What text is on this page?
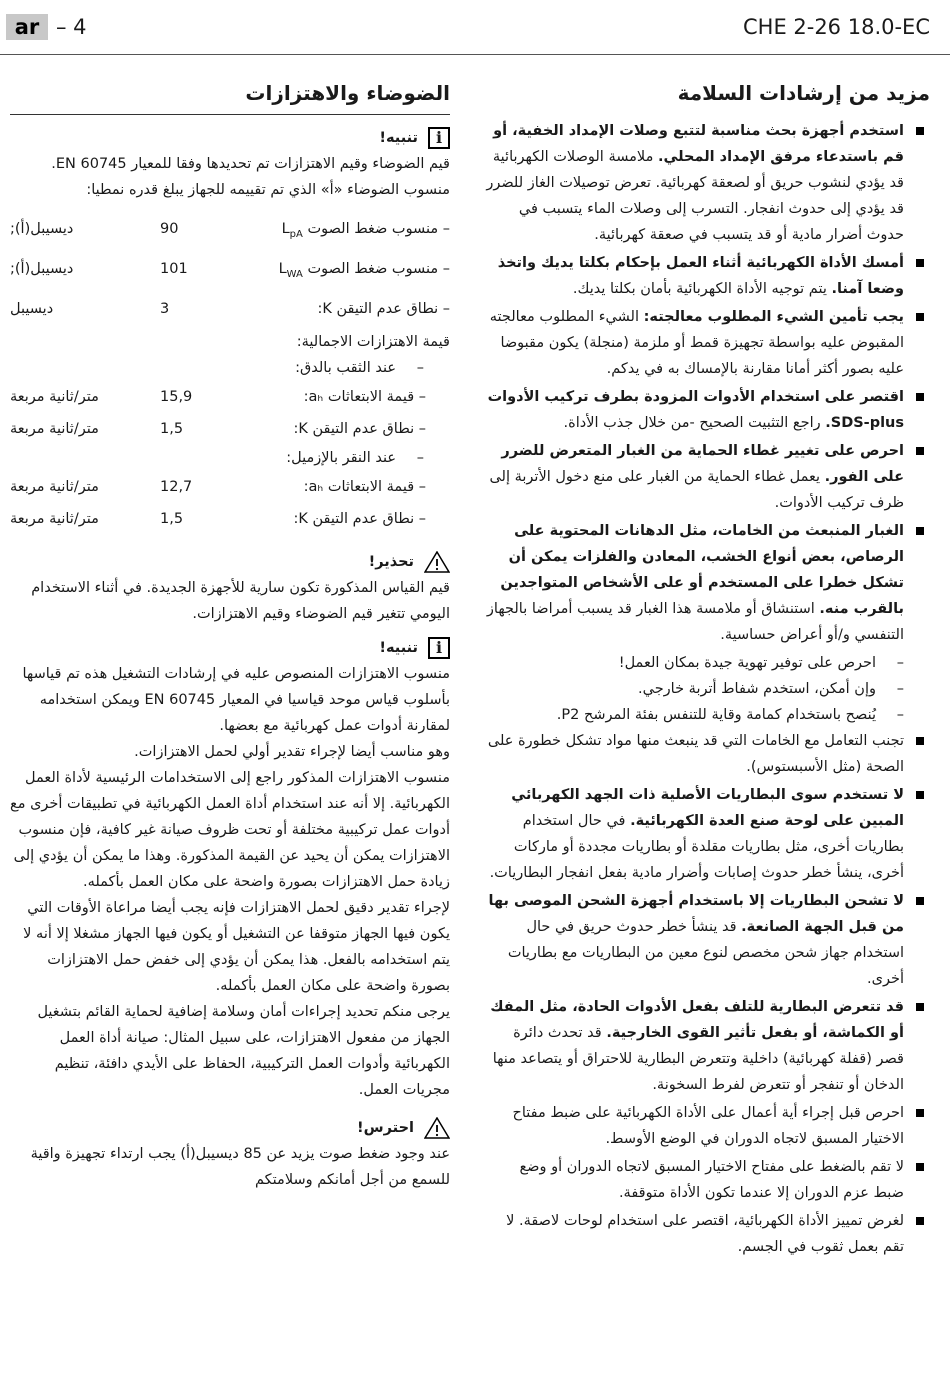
ar – 4	CHE 2-26 18.0-EC
مزيد من إرشادات السلامة
استخدم أجهزة بحث مناسبة لتتبع وصلات الإمداد الخفية، أو قم باستدعاء مرفق الإمداد المحلي. ملامسة الوصلات الكهربائية قد يؤدي لنشوب حريق أو لصعقة كهربائية. تعرض توصيلات الغاز للضرر قد يؤدي إلى حدوث انفجار. التسرب إلى وصلات الماء يتسبب في حدوث أضرار مادية أو قد يتسبب في صعقة كهربائية.
أمسك الأداة الكهربائية أثناء العمل بإحكام بكلتا يديك واتخذ وضعا آمنا. يتم توجيه الأداة الكهربائية بأمان بكلتا يديك.
يجب تأمين الشيء المطلوب معالجته: الشيء المطلوب معالجته المقبوض عليه بواسطة تجهيزة قمط أو ملزمة (منجلة) يكون مقبوضا عليه بصور أكثر أمانا مقارنة بالإمساك به في يدكم.
اقتصر على استخدام الأدوات المزودة بطرف تركيب الأدوات SDS-plus. راجع التثبيت الصحيح -من خلال جذب الأداة.
احرص على تغيير غطاء الحماية من الغبار المتعرض للضرر على الفور. يعمل غطاء الحماية من الغبار على منع دخول الأتربة إلى ظرف تركيب الأدوات.
الغبار المنبعث من الخامات، مثل الدهانات المحتوية على الرصاص، بعض أنواع الخشب، المعادن والفلزات يمكن أن تشكل خطرا على المستخدم أو على الأشخاص المتواجدين بالقرب منه. استنشاق أو ملامسة هذا الغبار قد يسبب أمراضا بالجهاز التنفسي و/أو أعراض حساسية.
–
احرص على توفير تهوية جيدة بمكان العمل!
–
وإن أمكن، استخدم شفاط أتربة خارجي.
–
يُنصح باستخدام كمامة وقاية للتنفس بفئة المرشح P2.
تجنب التعامل مع الخامات التي قد ينبعث منها مواد تشكل خطورة على الصحة (مثل الأسبستوس).
لا تستخدم سوى البطاريات الأصلية ذات الجهد الكهربائي المبين على لوحة صنع العدة الكهربائية. في حال استخدام بطاريات أخرى، مثل بطاريات مقلدة أو بطاريات مجددة أو ماركات أخرى، ينشأ خطر حدوث إصابات وأضرار مادية بفعل انفجار البطاريات.
لا تشحن البطاريات إلا باستخدام أجهزة الشحن الموصى بها من قبل الجهة الصانعة. قد ينشأ خطر حدوث حريق في حال استخدام جهاز شحن مخصص لنوع معين من البطاريات مع بطاريات أخرى.
قد تتعرض البطارية للتلف بفعل الأدوات الحادة، مثل المفك أو الكماشة، أو بفعل تأثير القوى الخارجية. قد تحدث دائرة قصر (قفلة كهربائية) داخلية وتتعرض البطارية للاحتراق أو يتصاعد منها الدخان أو تنفجر أو تتعرض لفرط السخونة.
احرص قبل إجراء أية أعمال على الأداة الكهربائية على ضبط مفتاح الاختيار المسبق لاتجاه الدوران في الوضع الأوسط.
لا تقم بالضغط على مفتاح الاختيار المسبق لاتجاه الدوران أو وضع ضبط عزم الدوران إلا عندما تكون الأداة متوقفة.
لغرض تمييز الأداة الكهربائية، اقتصر على استخدام لوحات لاصقة. لا تقم بعمل ثقوب في الجسم.
الضوضاء والاهتزازات
i
تنبيه!
قيم الضوضاء وقيم الاهتزازات تم تحديدها وفقا للمعيار EN 60745. منسوب الضوضاء «أ» الذي تم تقييمه للجهاز يبلغ قدره نمطيا:
– منسوب ضغط الصوت $L_{pA}$
ديسيبل(أ);	90
– منسوب ضغط الصوت $L_{WA}$
ديسيبل(أ);	101
– نطاق عدم التيقن K:
ديسيبل	3
قيمة الاهتزازات الاجمالية:
–
عند الثقب بالدق:
– قيمة الابتعاثات aₕ:
متر/ثانية مربعة	15,9
– نطاق عدم التيقن K:
متر/ثانية مربعة	1,5
–
عند النقر بالإزميل:
– قيمة الابتعاثات aₕ:
متر/ثانية مربعة	12,7
– نطاق عدم التيقن K:
متر/ثانية مربعة	1,5
تحذير!
قيم القياس المذكورة تكون سارية للأجهزة الجديدة. في أثناء الاستخدام اليومي تتغير قيم الضوضاء وقيم الاهتزازات.
i
تنبيه!
منسوب الاهتزازات المنصوص عليه في إرشادات التشغيل هذه تم قياسها بأسلوب قياس موحد قياسيا في المعيار EN 60745 ويمكن استخدامه لمقارنة أدوات عمل كهربائية مع بعضها.
وهو مناسب أيضا لإجراء تقدير أولي لحمل الاهتزازات.
منسوب الاهتزازات المذكور راجع إلى الاستخدامات الرئيسية لأداة العمل الكهربائية. إلا أنه عند استخدام أداة العمل الكهربائية في تطبيقات أخرى مع أدوات عمل تركيبية مختلفة أو تحت ظروف صيانة غير كافية، فإن منسوب الاهتزازات يمكن أن يحيد عن القيمة المذكورة. وهذا ما يمكن أن يؤدي إلى زيادة حمل الاهتزازات بصورة واضحة على مكان العمل بأكمله.
لإجراء تقدير دقيق لحمل الاهتزازات فإنه يجب أيضا مراعاة الأوقات التي يكون فيها الجهاز متوقفا عن التشغيل أو يكون فيها الجهاز مشغلا إلا أنه لا يتم استخدامه بالفعل. هذا يمكن أن يؤدي إلى خفض حمل الاهتزازات بصورة واضحة على مكان العمل بأكمله.
يرجى منكم تحديد إجراءات أمان وسلامة إضافية لحماية القائم بتشغيل الجهاز من مفعول الاهتزازات، على سبيل المثال: صيانة أداة العمل الكهربائية وأدوات العمل التركيبية، الحفاظ على الأيدي دافئة، تنظيم مجريات العمل.
احترس!
عند وجود ضغط صوت يزيد عن 85 ديسيبل(أ) يجب ارتداء تجهيزة واقية للسمع من أجل أمانكم وسلامتكم
